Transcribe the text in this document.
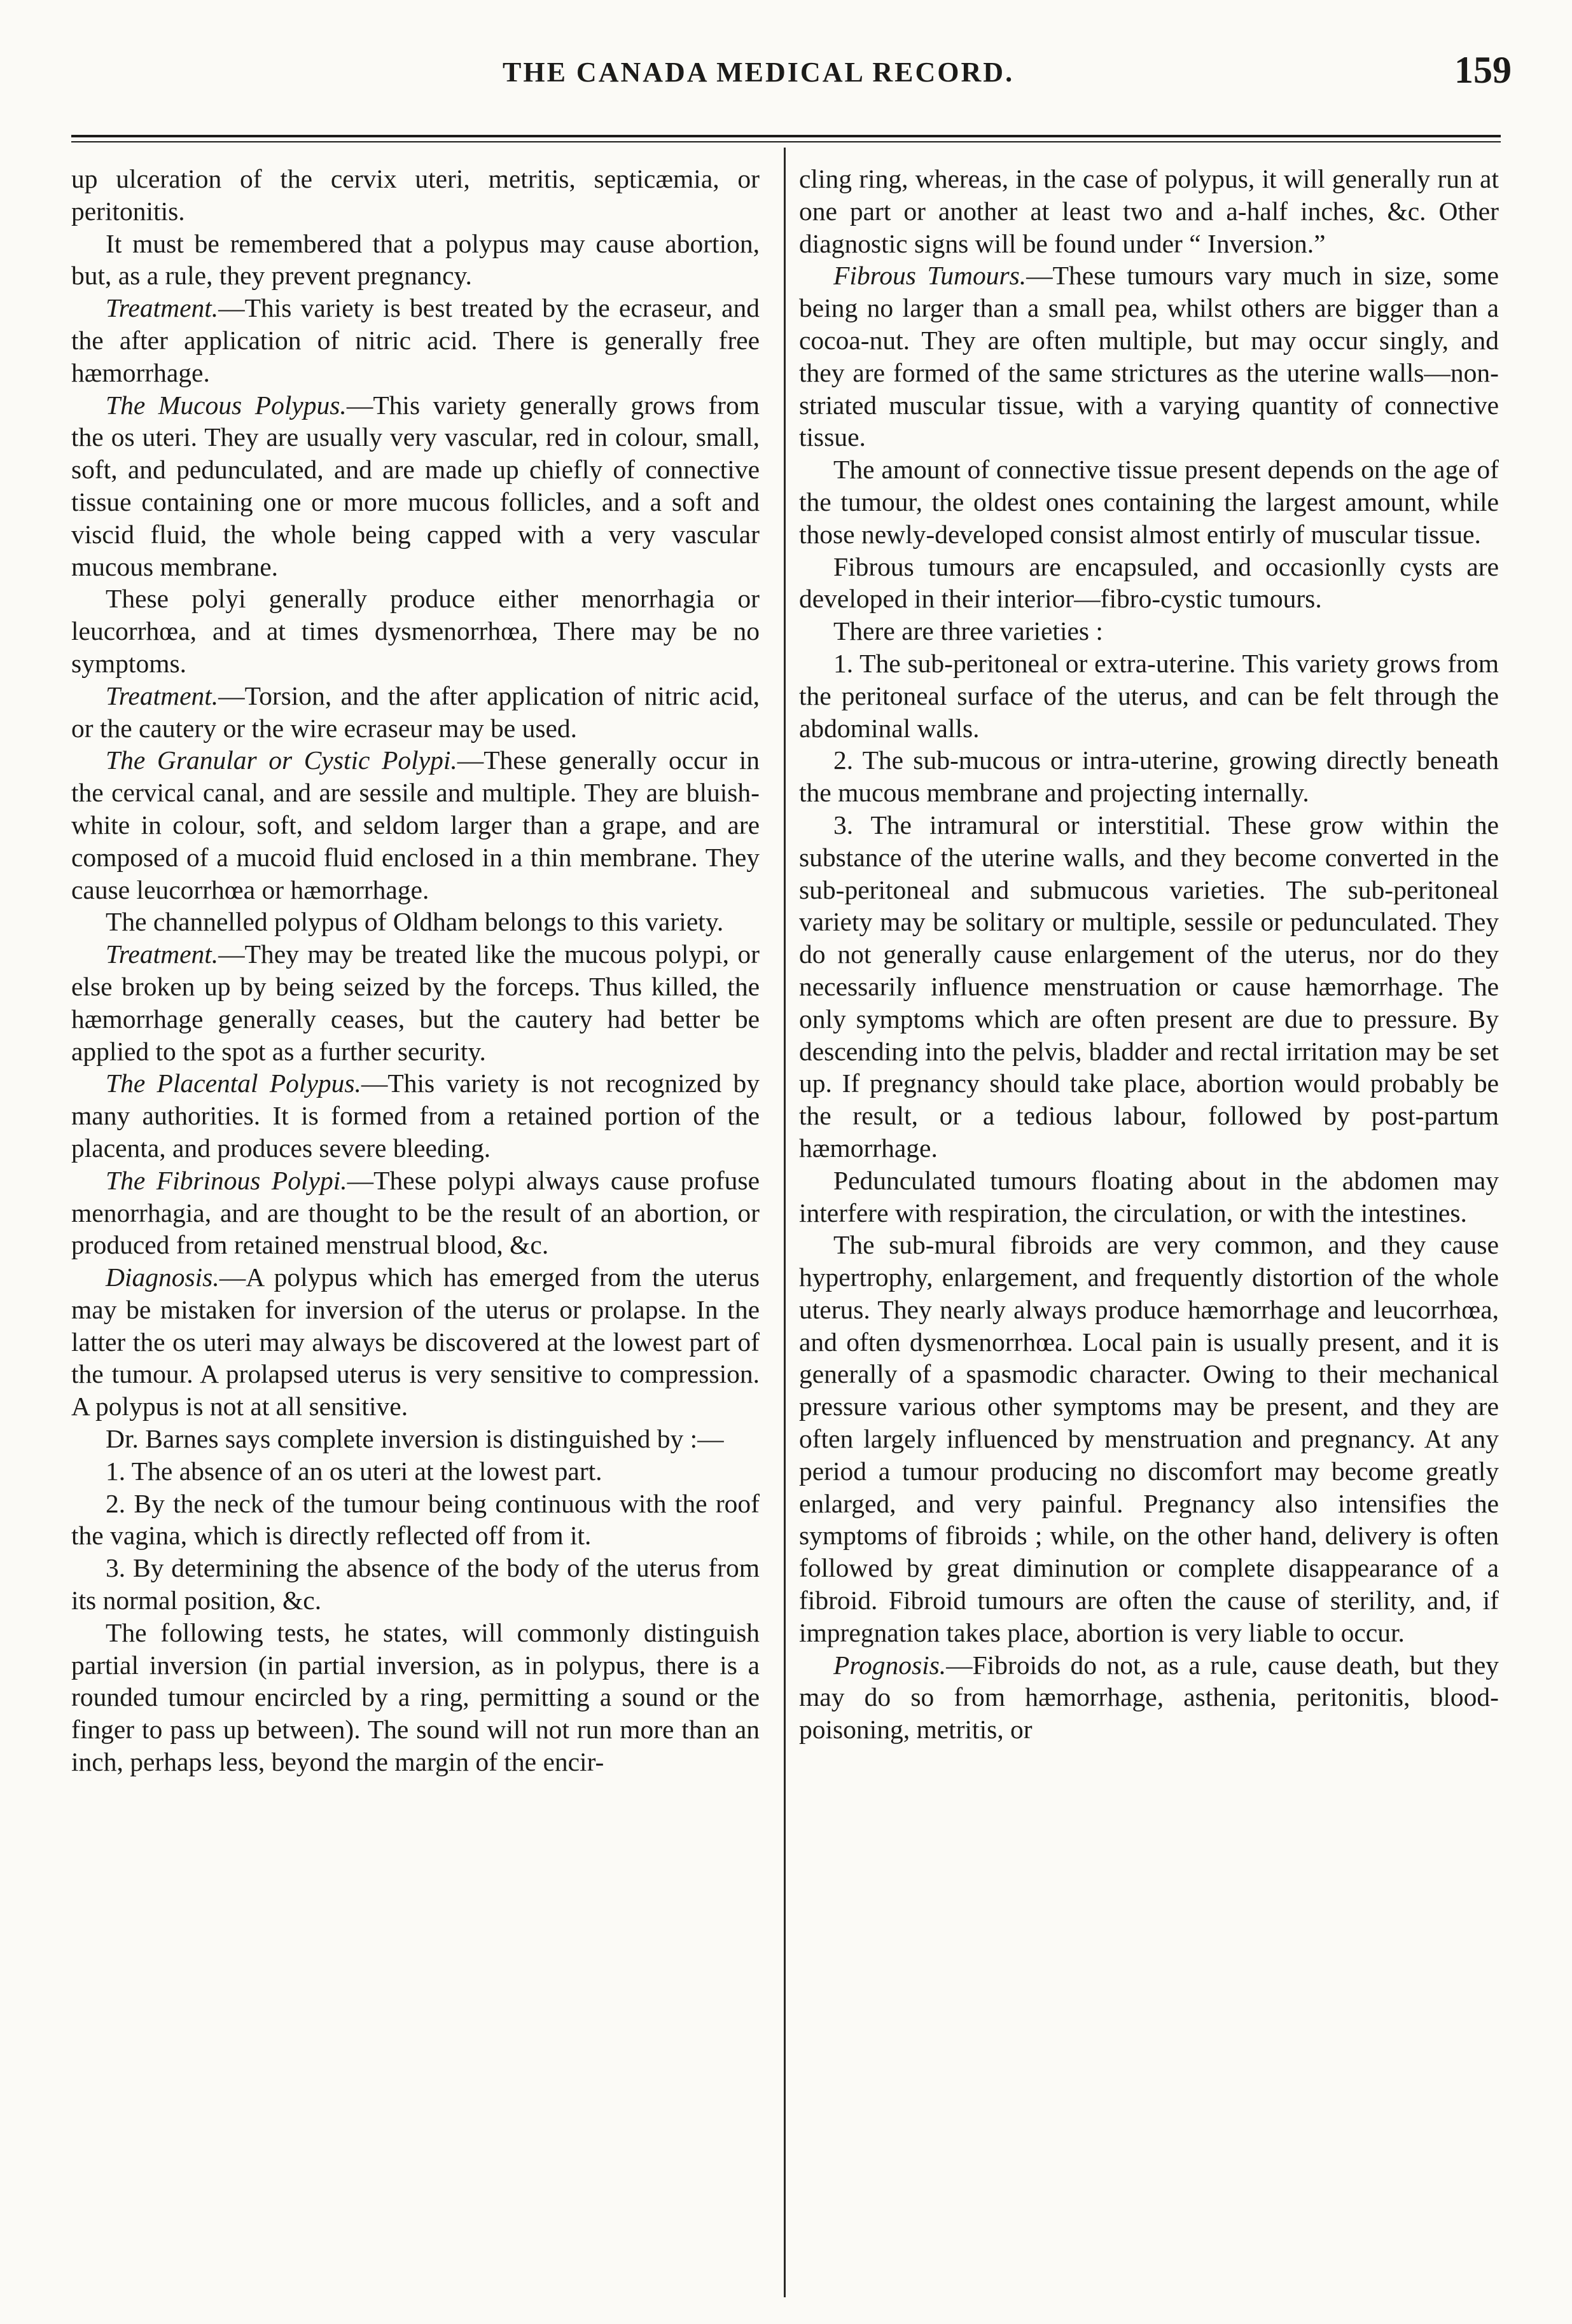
THE CANADA MEDICAL RECORD.	159

up ulceration of the cervix uteri, metritis, septicæmia, or peritonitis.

It must be remembered that a polypus may cause abortion, but, as a rule, they prevent pregnancy.

Treatment.—This variety is best treated by the ecraseur, and the after application of nitric acid. There is generally free hæmorrhage.

The Mucous Polypus.—This variety generally grows from the os uteri. They are usually very vascular, red in colour, small, soft, and pedunculated, and are made up chiefly of connective tissue containing one or more mucous follicles, and a soft and viscid fluid, the whole being capped with a very vascular mucous membrane.

These polyi generally produce either menorrhagia or leucorrhœa, and at times dysmenorrhœa, There may be no symptoms.

Treatment.—Torsion, and the after application of nitric acid, or the cautery or the wire ecraseur may be used.

The Granular or Cystic Polypi.—These generally occur in the cervical canal, and are sessile and multiple. They are bluish-white in colour, soft, and seldom larger than a grape, and are composed of a mucoid fluid enclosed in a thin membrane. They cause leucorrhœa or hæmorrhage.

The channelled polypus of Oldham belongs to this variety.

Treatment.—They may be treated like the mucous polypi, or else broken up by being seized by the forceps. Thus killed, the hæmorrhage generally ceases, but the cautery had better be applied to the spot as a further security.

The Placental Polypus.—This variety is not recognized by many authorities. It is formed from a retained portion of the placenta, and produces severe bleeding.

The Fibrinous Polypi.—These polypi always cause profuse menorrhagia, and are thought to be the result of an abortion, or produced from retained menstrual blood, &c.

Diagnosis.—A polypus which has emerged from the uterus may be mistaken for inversion of the uterus or prolapse. In the latter the os uteri may always be discovered at the lowest part of the tumour. A prolapsed uterus is very sensitive to compression. A polypus is not at all sensitive.

Dr. Barnes says complete inversion is distinguished by :—

1. The absence of an os uteri at the lowest part.

2. By the neck of the tumour being continuous with the roof the vagina, which is directly reflected off from it.

3. By determining the absence of the body of the uterus from its normal position, &c.

The following tests, he states, will commonly distinguish partial inversion (in partial inversion, as in polypus, there is a rounded tumour encircled by a ring, permitting a sound or the finger to pass up between). The sound will not run more than an inch, perhaps less, beyond the margin of the encir-

cling ring, whereas, in the case of polypus, it will generally run at one part or another at least two and a-half inches, &c. Other diagnostic signs will be found under “ Inversion.”

Fibrous Tumours.—These tumours vary much in size, some being no larger than a small pea, whilst others are bigger than a cocoa-nut. They are often multiple, but may occur singly, and they are formed of the same strictures as the uterine walls—non-striated muscular tissue, with a varying quantity of connective tissue.

The amount of connective tissue present depends on the age of the tumour, the oldest ones containing the largest amount, while those newly-developed consist almost entirly of muscular tissue.

Fibrous tumours are encapsuled, and occasionlly cysts are developed in their interior—fibro-cystic tumours.

There are three varieties :

1. The sub-peritoneal or extra-uterine. This variety grows from the peritoneal surface of the uterus, and can be felt through the abdominal walls.

2. The sub-mucous or intra-uterine, growing directly beneath the mucous membrane and projecting internally.

3. The intramural or interstitial. These grow within the substance of the uterine walls, and they become converted in the sub-peritoneal and submucous varieties. The sub-peritoneal variety may be solitary or multiple, sessile or pedunculated. They do not generally cause enlargement of the uterus, nor do they necessarily influence menstruation or cause hæmorrhage. The only symptoms which are often present are due to pressure. By descending into the pelvis, bladder and rectal irritation may be set up. If pregnancy should take place, abortion would probably be the result, or a tedious labour, followed by post-partum hæmorrhage.

Pedunculated tumours floating about in the abdomen may interfere with respiration, the circulation, or with the intestines.

The sub-mural fibroids are very common, and they cause hypertrophy, enlargement, and frequently distortion of the whole uterus. They nearly always produce hæmorrhage and leucorrhœa, and often dysmenorrhœa. Local pain is usually present, and it is generally of a spasmodic character. Owing to their mechanical pressure various other symptoms may be present, and they are often largely influenced by menstruation and pregnancy. At any period a tumour producing no discomfort may become greatly enlarged, and very painful. Pregnancy also intensifies the symptoms of fibroids ; while, on the other hand, delivery is often followed by great diminution or complete disappearance of a fibroid. Fibroid tumours are often the cause of sterility, and, if impregnation takes place, abortion is very liable to occur.

Prognosis.—Fibroids do not, as a rule, cause death, but they may do so from hæmorrhage, asthenia, peritonitis, blood-poisoning, metritis, or
